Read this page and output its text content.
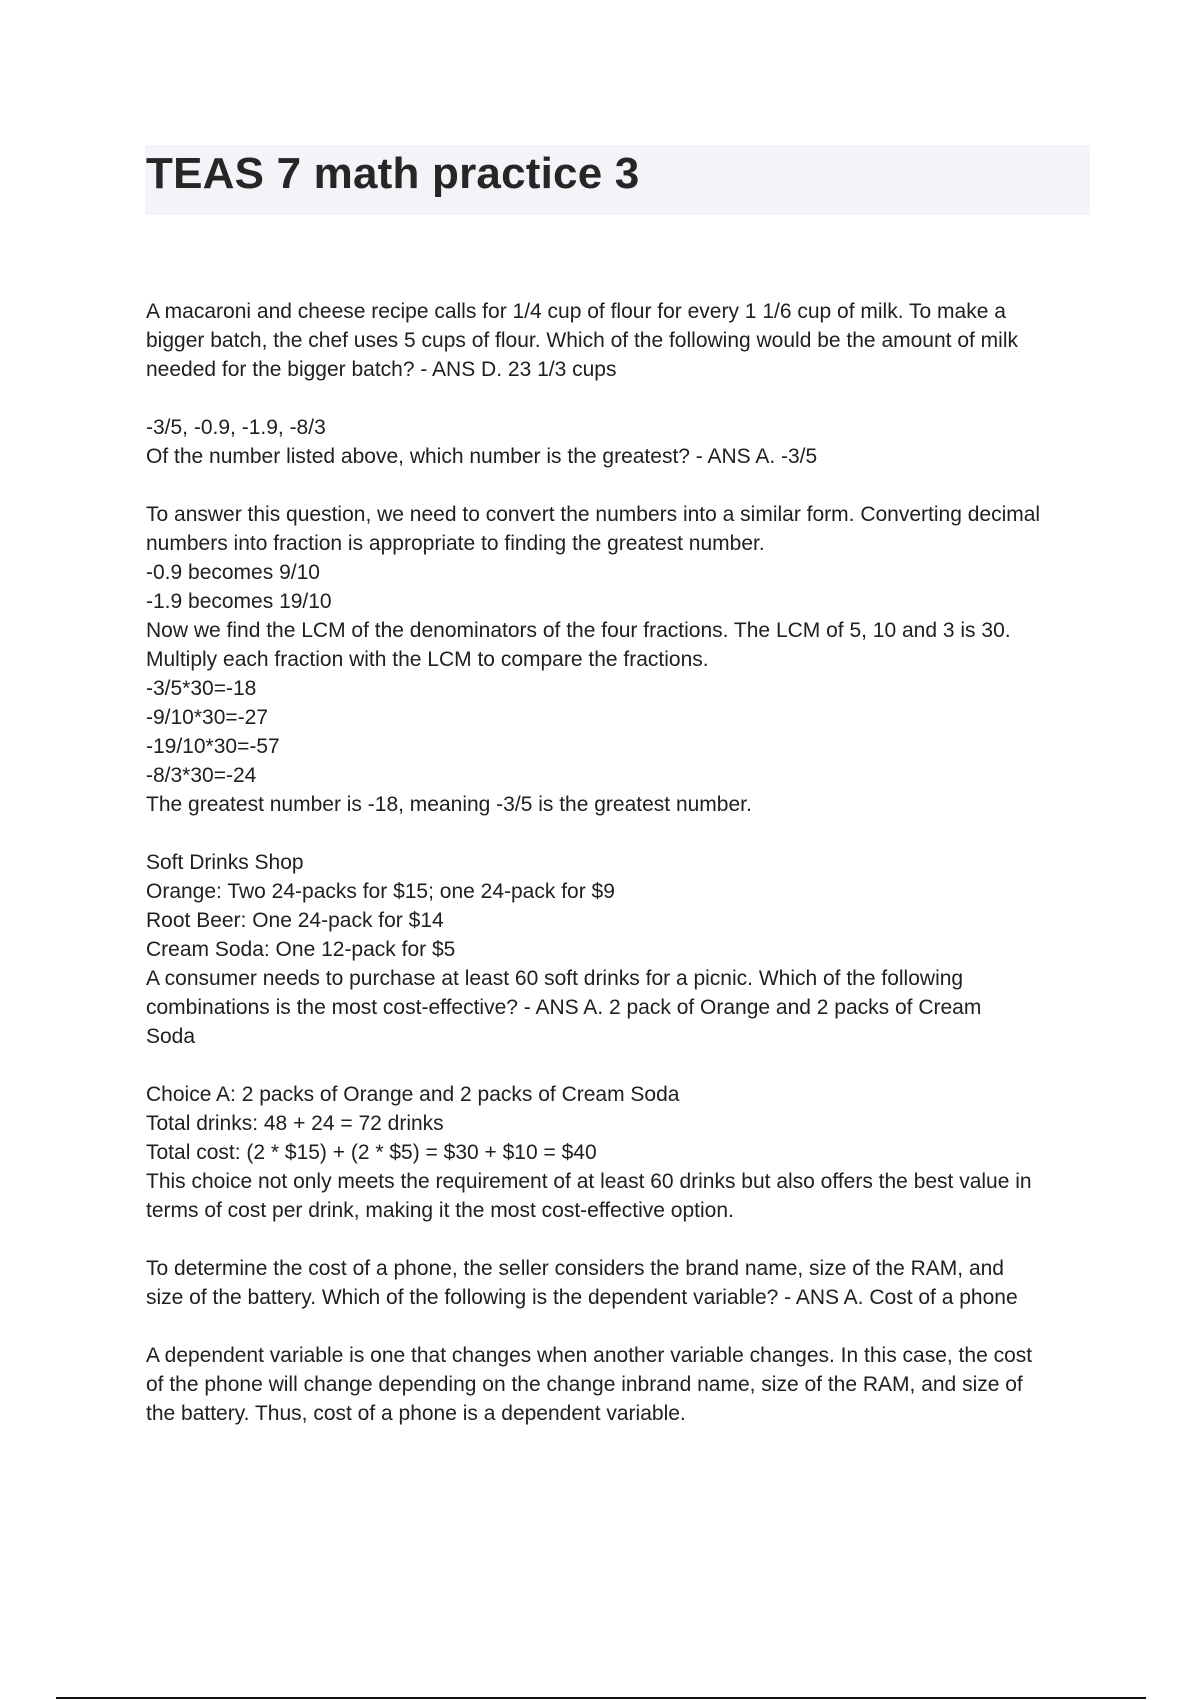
TEAS 7 math practice 3
A macaroni and cheese recipe calls for 1/4 cup of flour for every 1 1/6 cup of milk. To make a
bigger batch, the chef uses 5 cups of flour. Which of the following would be the amount of milk
needed for the bigger batch? - ANS D. 23 1/3 cups
-3/5, -0.9, -1.9, -8/3
Of the number listed above, which number is the greatest? - ANS A. -3/5
To answer this question, we need to convert the numbers into a similar form. Converting decimal
numbers into fraction is appropriate to finding the greatest number.
-0.9 becomes 9/10
-1.9 becomes 19/10
Now we find the LCM of the denominators of the four fractions. The LCM of 5, 10 and 3 is 30.
Multiply each fraction with the LCM to compare the fractions.
-3/5*30=-18
-9/10*30=-27
-19/10*30=-57
-8/3*30=-24
The greatest number is -18, meaning -3/5 is the greatest number.
Soft Drinks Shop
Orange: Two 24-packs for $15; one 24-pack for $9
Root Beer: One 24-pack for $14
Cream Soda: One 12-pack for $5
A consumer needs to purchase at least 60 soft drinks for a picnic. Which of the following
combinations is the most cost-effective? - ANS A. 2 pack of Orange and 2 packs of Cream
Soda
Choice A: 2 packs of Orange and 2 packs of Cream Soda
Total drinks: 48 + 24 = 72 drinks
Total cost: (2 * $15) + (2 * $5) = $30 + $10 = $40
This choice not only meets the requirement of at least 60 drinks but also offers the best value in
terms of cost per drink, making it the most cost-effective option.
To determine the cost of a phone, the seller considers the brand name, size of the RAM, and
size of the battery. Which of the following is the dependent variable? - ANS A. Cost of a phone
A dependent variable is one that changes when another variable changes. In this case, the cost
of the phone will change depending on the change inbrand name, size of the RAM, and size of
the battery. Thus, cost of a phone is a dependent variable.
